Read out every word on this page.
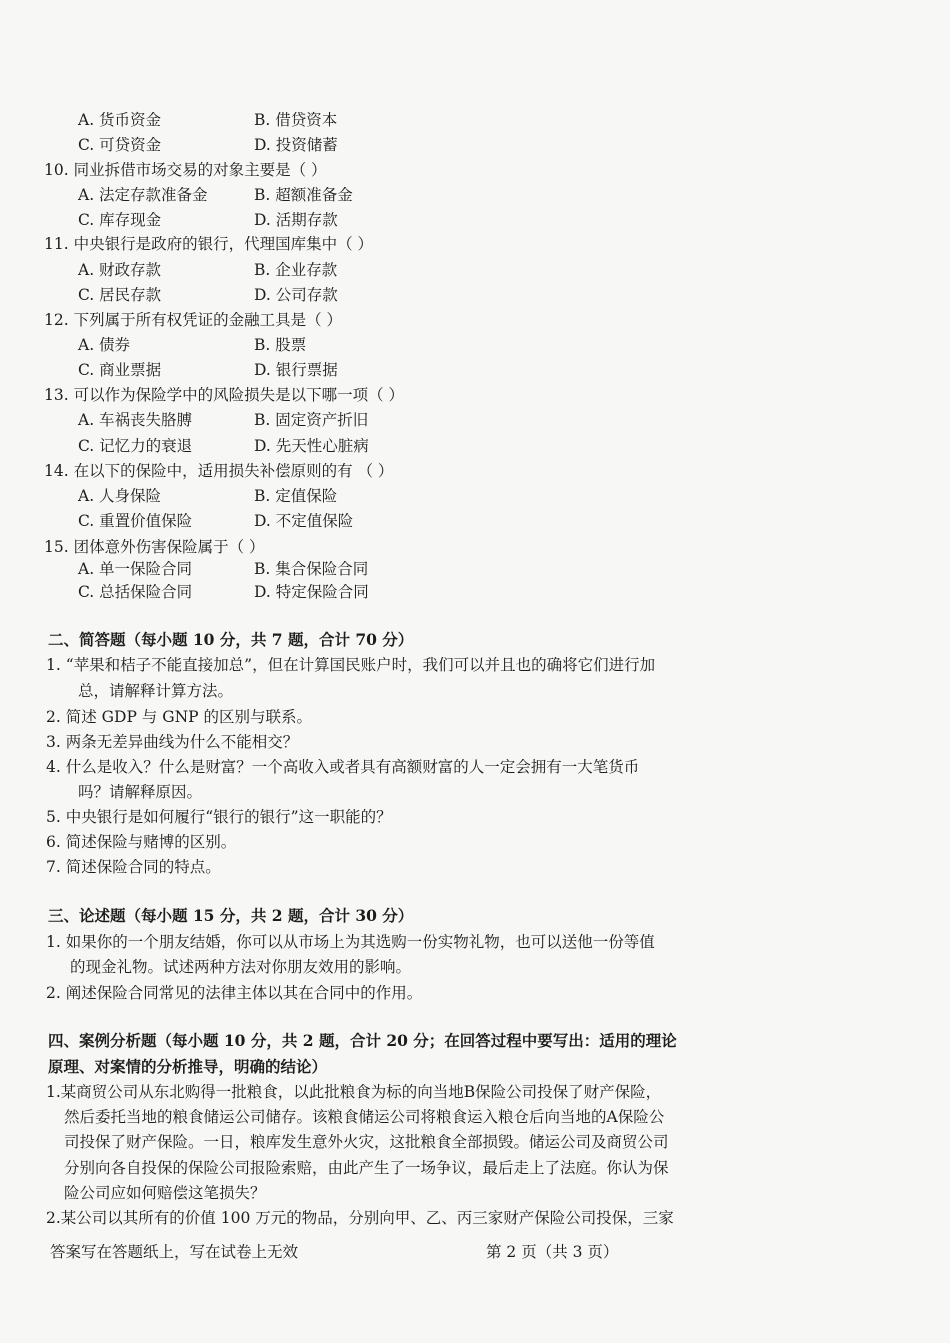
A. 货币资金	B. 借贷资本
C. 可贷资金	D. 投资储蓄
10. 同业拆借市场交易的对象主要是（ ）
A. 法定存款准备金	B. 超额准备金
C. 库存现金	D. 活期存款
11. 中央银行是政府的银行，代理国库集中（ ）
A. 财政存款	B. 企业存款
C. 居民存款	D. 公司存款
12. 下列属于所有权凭证的金融工具是（ ）
A. 债券	B. 股票
C. 商业票据	D. 银行票据
13. 可以作为保险学中的风险损失是以下哪一项（ ）
A. 车祸丧失胳膊	B. 固定资产折旧
C. 记忆力的衰退	D. 先天性心脏病
14. 在以下的保险中，适用损失补偿原则的有 （ ）
A. 人身保险	B. 定值保险
C. 重置价值保险	D. 不定值保险
15. 团体意外伤害保险属于（ ）
A. 单一保险合同	B. 集合保险合同
C. 总括保险合同	D. 特定保险合同
二、简答题（每小题 10 分，共 7 题，合计 70 分）
1. “苹果和桔子不能直接加总”，但在计算国民账户时，我们可以并且也的确将它们进行加
总，请解释计算方法。
2. 简述 GDP 与 GNP 的区别与联系。
3. 两条无差异曲线为什么不能相交？
4. 什么是收入？什么是财富？一个高收入或者具有高额财富的人一定会拥有一大笔货币
吗？请解释原因。
5. 中央银行是如何履行“银行的银行”这一职能的？
6. 简述保险与赌博的区别。
7. 简述保险合同的特点。
三、论述题（每小题 15 分，共 2 题，合计 30 分）
1. 如果你的一个朋友结婚，你可以从市场上为其选购一份实物礼物，也可以送他一份等值
的现金礼物。试述两种方法对你朋友效用的影响。
2. 阐述保险合同常见的法律主体以其在合同中的作用。
四、案例分析题（每小题 10 分，共 2 题，合计 20 分；在回答过程中要写出：适用的理论
原理、对案情的分析推导，明确的结论）
1.某商贸公司从东北购得一批粮食，以此批粮食为标的向当地B保险公司投保了财产保险，
然后委托当地的粮食储运公司储存。该粮食储运公司将粮食运入粮仓后向当地的A保险公
司投保了财产保险。一日，粮库发生意外火灾，这批粮食全部损毁。储运公司及商贸公司
分别向各自投保的保险公司报险索赔，由此产生了一场争议，最后走上了法庭。你认为保
险公司应如何赔偿这笔损失？
2.某公司以其所有的价值 100 万元的物品，分别向甲、乙、丙三家财产保险公司投保，三家
答案写在答题纸上，写在试卷上无效	第 2 页（共 3 页）
